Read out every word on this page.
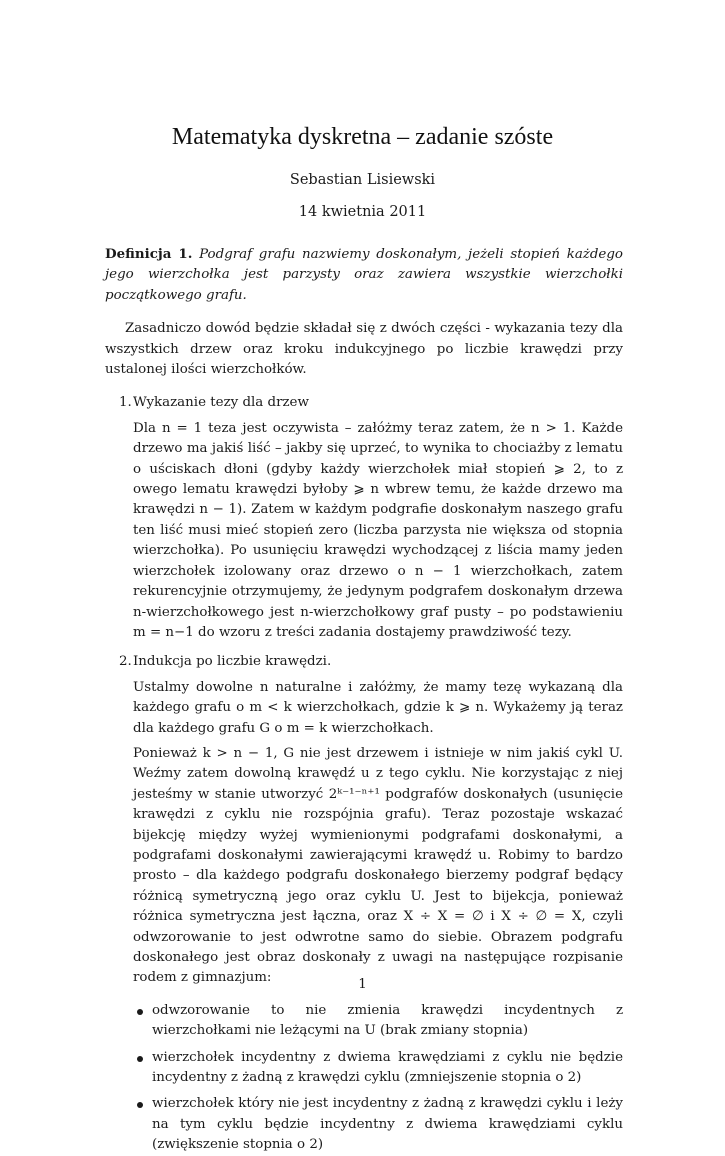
Matematyka dyskretna – zadanie szóste
Sebastian Lisiewski
14 kwietnia 2011

Definicja 1. Podgraf grafu nazwiemy doskonałym, jeżeli stopień każdego jego wierzchołka jest parzysty oraz zawiera wszystkie wierzchołki początkowego grafu.

Zasadniczo dowód będzie składał się z dwóch części - wykazania tezy dla wszystkich drzew oraz kroku indukcyjnego po liczbie krawędzi przy ustalonej ilości wierzchołków.

1. Wykazanie tezy dla drzew

Dla n = 1 teza jest oczywista – załóżmy teraz zatem, że n > 1. Każde drzewo ma jakiś liść – jakby się uprzeć, to wynika to chociażby z lematu o uściskach dłoni (gdyby każdy wierzchołek miał stopień ⩾ 2, to z owego lematu krawędzi byłoby ⩾ n wbrew temu, że każde drzewo ma krawędzi n − 1). Zatem w każdym podgrafie doskonałym naszego grafu ten liść musi mieć stopień zero (liczba parzysta nie większa od stopnia wierzchołka). Po usunięciu krawędzi wychodzącej z liścia mamy jeden wierzchołek izolowany oraz drzewo o n − 1 wierzchołkach, zatem rekurencyjnie otrzymujemy, że jedynym podgrafem doskonałym drzewa n-wierzchołkowego jest n-wierzchołkowy graf pusty – po podstawieniu m = n−1 do wzoru z treści zadania dostajemy prawdziwość tezy.

2. Indukcja po liczbie krawędzi.

Ustalmy dowolne n naturalne i załóżmy, że mamy tezę wykazaną dla każdego grafu o m < k wierzchołkach, gdzie k ⩾ n. Wykażemy ją teraz dla każdego grafu G o m = k wierzchołkach.

Ponieważ k > n − 1, G nie jest drzewem i istnieje w nim jakiś cykl U. Weźmy zatem dowolną krawędź u z tego cyklu. Nie korzystając z niej jesteśmy w stanie utworzyć 2ᵏ⁻¹⁻ⁿ⁺¹ podgrafów doskonałych (usunięcie krawędzi z cyklu nie rozspójnia grafu). Teraz pozostaje wskazać bijekcję między wyżej wymienionymi podgrafami doskonałymi, a podgrafami doskonałymi zawierającymi krawędź u. Robimy to bardzo prosto – dla każdego podgrafu doskonałego bierzemy podgraf będący różnicą symetryczną jego oraz cyklu U. Jest to bijekcja, ponieważ różnica symetryczna jest łączna, oraz X ÷ X = ∅ i X ÷ ∅ = X, czyli odwzorowanie to jest odwrotne samo do siebie. Obrazem podgrafu doskonałego jest obraz doskonały z uwagi na następujące rozpisanie rodem z gimnazjum:

odwzorowanie to nie zmienia krawędzi incydentnych z wierzchołkami nie leżącymi na U (brak zmiany stopnia)
wierzchołek incydentny z dwiema krawędziami z cyklu nie będzie incydentny z żadną z krawędzi cyklu (zmniejszenie stopnia o 2)
wierzchołek który nie jest incydentny z żadną z krawędzi cyklu i leży na tym cyklu będzie incydentny z dwiema krawędziami cyklu (zwiększenie stopnia o 2)
1
